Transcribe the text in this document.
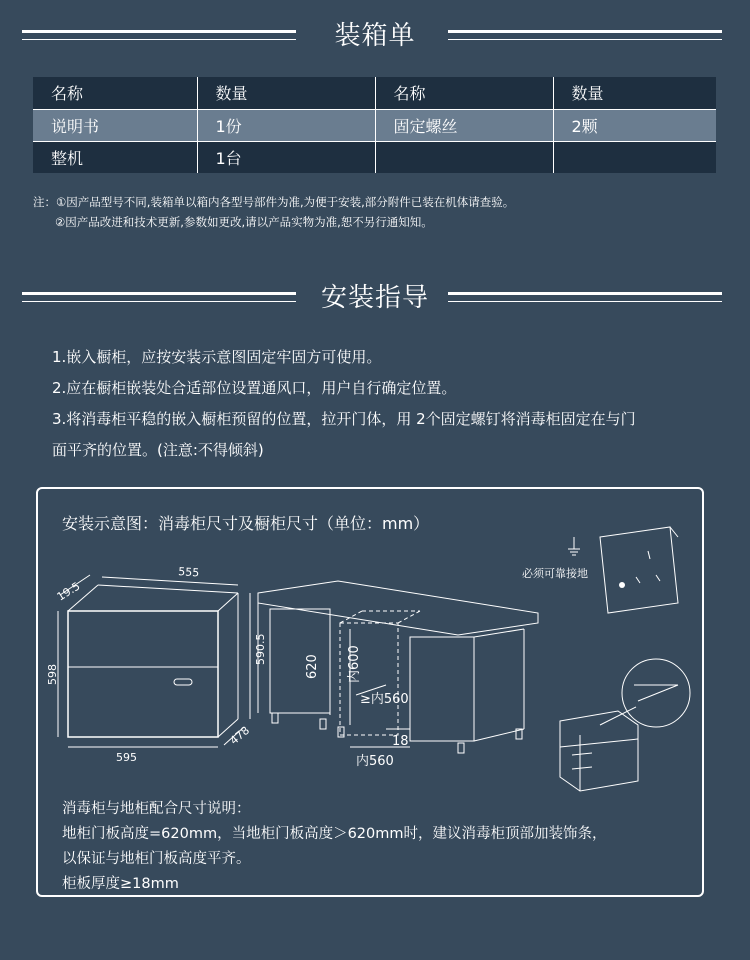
装箱单
名称	数量	名称	数量
说明书	1份	固定螺丝	2颗
整机	1台		
注：①因产品型号不同,装箱单以箱内各型号部件为准,为便于安装,部分附件已装在机体请查验。
②因产品改进和技术更新,参数如更改,请以产品实物为准,恕不另行通知知。
安装指导
1.嵌入橱柜，应按安装示意图固定牢固方可使用。
2.应在橱柜嵌装处合适部位设置通风口，用户自行确定位置。
3.将消毒柜平稳的嵌入橱柜预留的位置，拉开门体，用 2个固定螺钉将消毒柜固定在与门
面平齐的位置。(注意:不得倾斜)
安装示意图：消毒柜尺寸及橱柜尺寸（单位：mm）
19.5
555
598
590.5
595
478
620 内600
≥内560
18
内560
必须可靠接地
消毒柜与地柜配合尺寸说明：
地柜门板高度=620mm，当地柜门板高度＞620mm时，建议消毒柜顶部加装饰条，
以保证与地柜门板高度平齐。
柜板厚度≥18mm
